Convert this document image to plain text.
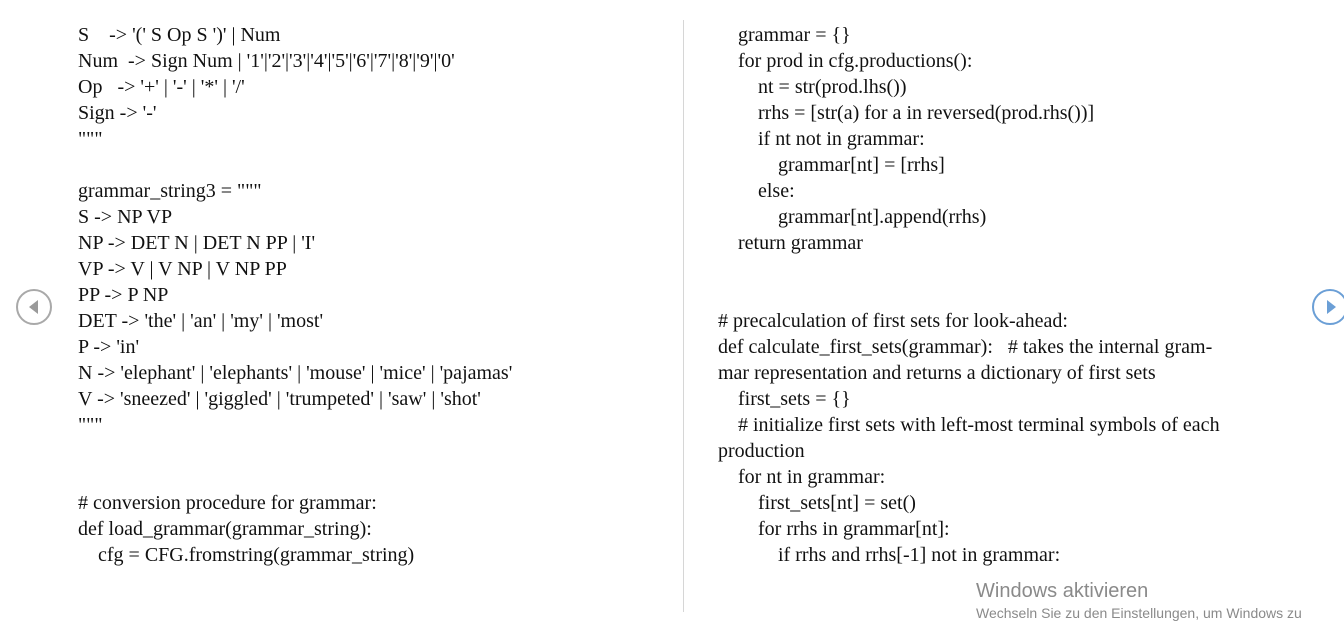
S    -> '(' S Op S ')' | Num
Num  -> Sign Num | '1'|'2'|'3'|'4'|'5'|'6'|'7'|'8'|'9'|'0'
Op   -> '+' | '-' | '*' | '/'
Sign -> '-'
"""
grammar_string3 = """
S -> NP VP
NP -> DET N | DET N PP | 'I'
VP -> V | V NP | V NP PP
PP -> P NP
DET -> 'the' | 'an' | 'my' | 'most'
P -> 'in'
N -> 'elephant' | 'elephants' | 'mouse' | 'mice' | 'pajamas'
V -> 'sneezed' | 'giggled' | 'trumpeted' | 'saw' | 'shot'
"""
# conversion procedure for grammar:
def load_grammar(grammar_string):
cfg = CFG.fromstring(grammar_string)
grammar = {}
for prod in cfg.productions():
nt = str(prod.lhs())
rrhs = [str(a) for a in reversed(prod.rhs())]
if nt not in grammar:
grammar[nt] = [rrhs]
else:
grammar[nt].append(rrhs)
return grammar
# precalculation of first sets for look-ahead:
def calculate_first_sets(grammar):   # takes the internal gram-
mar representation and returns a dictionary of first sets
first_sets = {}
# initialize first sets with left-most terminal symbols of each
production
for nt in grammar:
first_sets[nt] = set()
for rrhs in grammar[nt]:
if rrhs and rrhs[-1] not in grammar:
Windows aktivieren
Wechseln Sie zu den Einstellungen, um Windows zu
